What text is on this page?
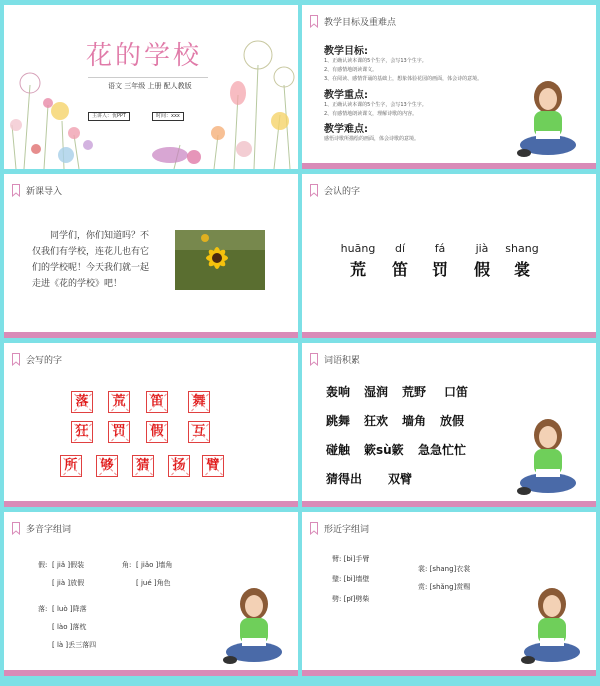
花的学校
语文 三年级 上册 配人教版
主讲人：优PPT	时间：xxx
教学目标及重难点
教学目标:
1、正确认读本课的5个生字，会写13个生字。
2、有感情地朗读课文。
3、在阅读、感情背诵的基础上，想象体验花园的画面，体会诗的意境。
教学重点:
1、正确认读本课的5个生字，会写13个生字。
2、有感情地朗读课文，理解诗歌的内容。
教学难点:
感悟诗歌所描绘的画面，体会诗歌的意境。
新课导入
同学们，你们知道吗？不仅我们有学校，连花儿也有它们的学校呢！今天我们就一起走进《花的学校》吧！
会认的字
huāng
荒
dí
笛
fá
罚
jià
假
shang
裳
会写的字
落	荒	笛	舞
狂	罚	假	互
所	够	猜	扬	臂
词语积累
轰响 湿润 荒野 口笛
跳舞 狂欢 墙角 放假
碰触 簌sù簌 急急忙忙
猜得出 双臂
多音字组词
假: [ jiǎ ]假装
[ jià ]放假
角: [ jiǎo ]墙角
[ jué ]角色
落: [ luò ]降落
[ lào ]落枕
[ là ]丢三落四
形近字组词
臂: [bì]手臂
璧: [bì]墙壁
劈: [pī]劈柴
裳: [shang]衣裳
赏: [shǎng]赏赐
